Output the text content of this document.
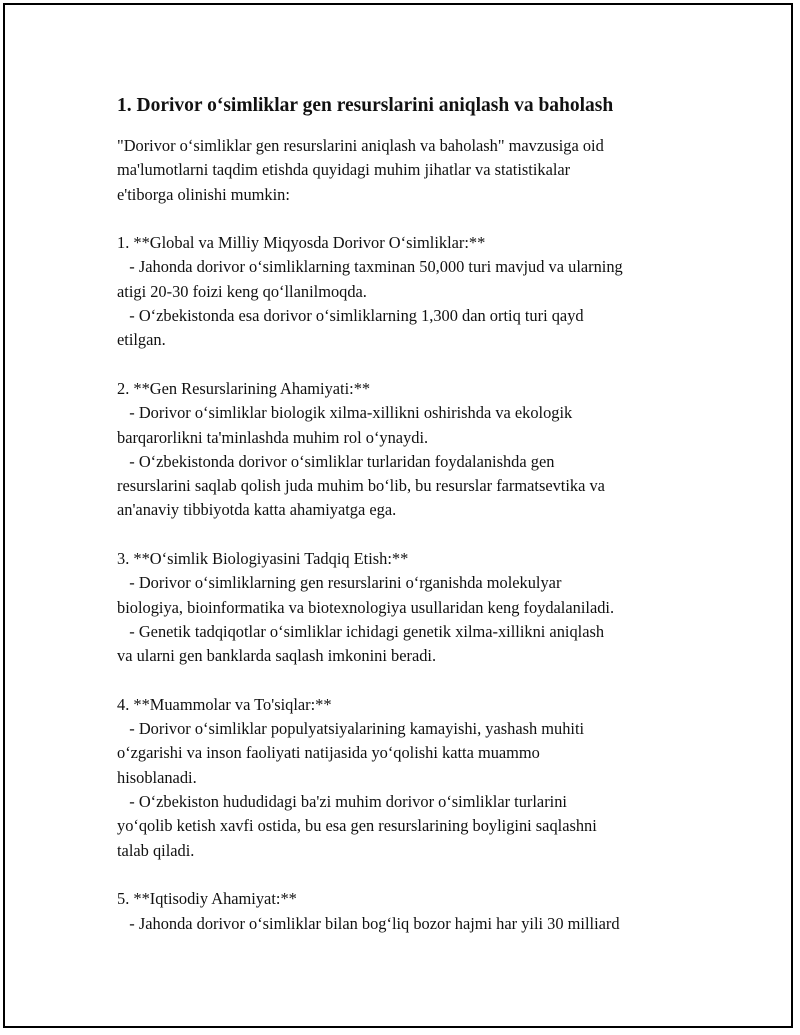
1. Dorivor o‘simliklar gen resurslarini aniqlash va baholash

"Dorivor o‘simliklar gen resurslarini aniqlash va baholash" mavzusiga oid

ma'lumotlarni taqdim etishda quyidagi muhim jihatlar va statistikalar

e'tiborga olinishi mumkin:

1. **Global va Milliy Miqyosda Dorivor O‘simliklar:**

- Jahonda dorivor o‘simliklarning taxminan 50,000 turi mavjud va ularning

atigi 20-30 foizi keng qo‘llanilmoqda.

- O‘zbekistonda esa dorivor o‘simliklarning 1,300 dan ortiq turi qayd

etilgan.

2. **Gen Resurslarining Ahamiyati:**

- Dorivor o‘simliklar biologik xilma-xillikni oshirishda va ekologik

barqarorlikni ta'minlashda muhim rol o‘ynaydi.

- O‘zbekistonda dorivor o‘simliklar turlaridan foydalanishda gen

resurslarini saqlab qolish juda muhim bo‘lib, bu resurslar farmatsevtika va

an'anaviy tibbiyotda katta ahamiyatga ega.

3. **O‘simlik Biologiyasini Tadqiq Etish:**

- Dorivor o‘simliklarning gen resurslarini o‘rganishda molekulyar

biologiya, bioinformatika va biotexnologiya usullaridan keng foydalaniladi.

- Genetik tadqiqotlar o‘simliklar ichidagi genetik xilma-xillikni aniqlash

va ularni gen banklarda saqlash imkonini beradi.

4. **Muammolar va To'siqlar:**

- Dorivor o‘simliklar populyatsiyalarining kamayishi, yashash muhiti

o‘zgarishi va inson faoliyati natijasida yo‘qolishi katta muammo

hisoblanadi.

- O‘zbekiston hududidagi ba'zi muhim dorivor o‘simliklar turlarini

yo‘qolib ketish xavfi ostida, bu esa gen resurslarining boyligini saqlashni

talab qiladi.

5. **Iqtisodiy Ahamiyat:**

- Jahonda dorivor o‘simliklar bilan bog‘liq bozor hajmi har yili 30 milliard
